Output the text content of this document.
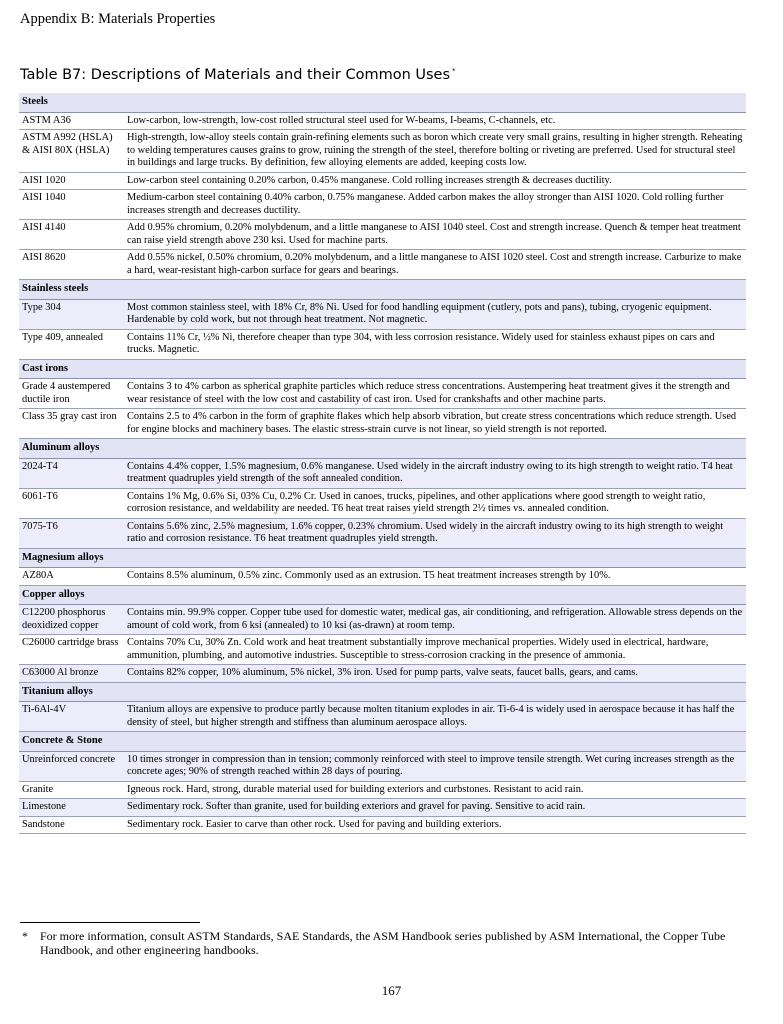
Appendix B: Materials Properties
Table B7: Descriptions of Materials and their Common Uses *
Steels	
ASTM A36	Low-carbon, low-strength, low-cost rolled structural steel used for W-beams, I-beams, C-channels, etc.
ASTM A992 (HSLA) & AISI 80X (HSLA)	High-strength, low-alloy steels contain grain-refining elements such as boron which create very small grains, resulting in higher strength. Reheating to welding temperatures causes grains to grow, ruining the strength of the steel, therefore bolting or riveting are preferred. Used for structural steel in buildings and large trucks. By definition, few alloying elements are added, keeping costs low.
AISI 1020	Low-carbon steel containing 0.20% carbon, 0.45% manganese. Cold rolling increases strength & decreases ductility.
AISI 1040	Medium-carbon steel containing 0.40% carbon, 0.75% manganese. Added carbon makes the alloy stronger than AISI 1020. Cold rolling further increases strength and decreases ductility.
AISI 4140	Add 0.95% chromium, 0.20% molybdenum, and a little manganese to AISI 1040 steel. Cost and strength increase. Quench & temper heat treatment can raise yield strength above 230 ksi. Used for machine parts.
AISI 8620	Add 0.55% nickel, 0.50% chromium, 0.20% molybdenum, and a little manganese to AISI 1020 steel. Cost and strength increase. Carburize to make a hard, wear-resistant high-carbon surface for gears and bearings.
Stainless steels	
Type 304	Most common stainless steel, with 18% Cr, 8% Ni. Used for food handling equipment (cutlery, pots and pans), tubing, cryogenic equipment. Hardenable by cold work, but not through heat treatment. Not magnetic.
Type 409, annealed	Contains 11% Cr, ½% Ni, therefore cheaper than type 304, with less corrosion resistance. Widely used for stainless exhaust pipes on cars and trucks. Magnetic.
Cast irons	
Grade 4 austempered ductile iron	Contains 3 to 4% carbon as spherical graphite particles which reduce stress concentrations. Austempering heat treatment gives it the strength and wear resistance of steel with the low cost and castability of cast iron. Used for crankshafts and other machine parts.
Class 35 gray cast iron	Contains 2.5 to 4% carbon in the form of graphite flakes which help absorb vibration, but create stress concentrations which reduce strength. Used for engine blocks and machinery bases. The elastic stress-strain curve is not linear, so yield strength is not reported.
Aluminum alloys	
2024-T4	Contains 4.4% copper, 1.5% magnesium, 0.6% manganese. Used widely in the aircraft industry owing to its high strength to weight ratio. T4 heat treatment quadruples yield strength of the soft annealed condition.
6061-T6	Contains 1% Mg, 0.6% Si, 03% Cu, 0.2% Cr. Used in canoes, trucks, pipelines, and other applications where good strength to weight ratio, corrosion resistance, and weldability are needed. T6 heat treat raises yield strength 2½ times vs. annealed condition.
7075-T6	Contains 5.6% zinc, 2.5% magnesium, 1.6% copper, 0.23% chromium. Used widely in the aircraft industry owing to its high strength to weight ratio and corrosion resistance. T6 heat treatment quadruples yield strength.
Magnesium alloys	
AZ80A	Contains 8.5% aluminum, 0.5% zinc. Commonly used as an extrusion. T5 heat treatment increases strength by 10%.
Copper alloys	
C12200 phosphorus deoxidized copper	Contains min. 99.9% copper. Copper tube used for domestic water, medical gas, air conditioning, and refrigeration. Allowable stress depends on the amount of cold work, from 6 ksi (annealed) to 10 ksi (as-drawn) at room temp.
C26000 cartridge brass	Contains 70% Cu, 30% Zn. Cold work and heat treatment substantially improve mechanical properties. Widely used in electrical, hardware, ammunition, plumbing, and automotive industries. Susceptible to stress-corrosion cracking in the presence of ammonia.
C63000 Al bronze	Contains 82% copper, 10% aluminum, 5% nickel, 3% iron. Used for pump parts, valve seats, faucet balls, gears, and cams.
Titanium alloys	
Ti-6Al-4V	Titanium alloys are expensive to produce partly because molten titanium explodes in air. Ti-6-4 is widely used in aerospace because it has half the density of steel, but higher strength and stiffness than aluminum aerospace alloys.
Concrete & Stone	
Unreinforced concrete	10 times stronger in compression than in tension; commonly reinforced with steel to improve tensile strength. Wet curing increases strength as the concrete ages; 90% of strength reached within 28 days of pouring.
Granite	Igneous rock. Hard, strong, durable material used for building exteriors and curbstones. Resistant to acid rain.
Limestone	Sedimentary rock. Softer than granite, used for building exteriors and gravel for paving. Sensitive to acid rain.
Sandstone	Sedimentary rock. Easier to carve than other rock. Used for paving and building exteriors.
* For more information, consult ASTM Standards, SAE Standards, the ASM Handbook series published by ASM International, the Copper Tube Handbook, and other engineering handbooks.
167
